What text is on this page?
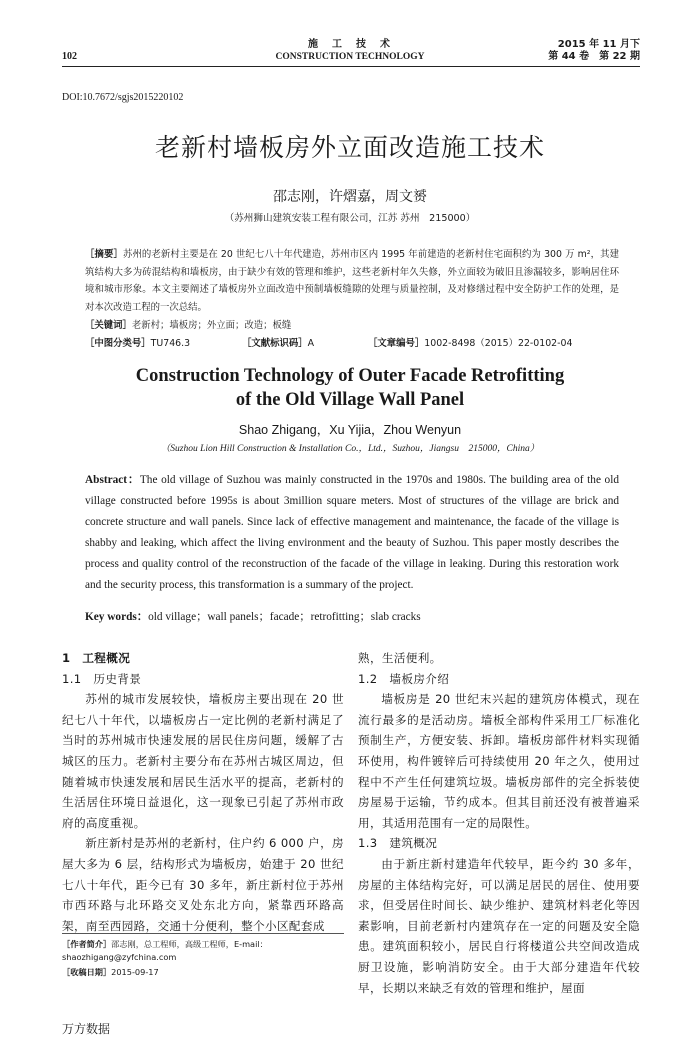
102
施　工　技　术
CONSTRUCTION TECHNOLOGY
2015 年 11 月下
第 44 卷　第 22 期
DOI:10.7672/sgjs2015220102
老新村墙板房外立面改造施工技术
邵志刚，许熠嘉，周文赟
（苏州狮山建筑安装工程有限公司，江苏 苏州　215000）
［摘要］苏州的老新村主要是在 20 世纪七八十年代建造，苏州市区内 1995 年前建造的老新村住宅面积约为 300 万 m²，其建筑结构大多为砖混结构和墙板房，由于缺少有效的管理和维护，这些老新村年久失修，外立面较为破旧且渗漏较多，影响居住环境和城市形象。本文主要阐述了墙板房外立面改造中预制墙板缝隙的处理与质量控制，及对修缮过程中安全防护工作的处理，是对本次改造工程的一次总结。
［关键词］老新村；墙板房；外立面；改造；板缝
［中图分类号］TU746.3	［文献标识码］A	［文章编号］1002-8498（2015）22-0102-04
Construction Technology of Outer Facade Retrofitting
of the Old Village Wall Panel
Shao Zhigang，Xu Yijia，Zhou Wenyun
（Suzhou Lion Hill Construction & Installation Co.，Ltd.，Suzhou，Jiangsu　215000，China）
Abstract：The old village of Suzhou was mainly constructed in the 1970s and 1980s. The building area of the old village constructed before 1995s is about 3million square meters. Most of structures of the village are brick and concrete structure and wall panels. Since lack of effective management and maintenance, the facade of the village is shabby and leaking, which affect the living environment and the beauty of Suzhou. This paper mostly describes the process and quality control of the reconstruction of the facade of the village in leaking. During this restoration work and the security process, this transformation is a summary of the project.
Key words：old village；wall panels；facade；retrofitting；slab cracks
1　工程概况
1.1　历史背景

苏州的城市发展较快，墙板房主要出现在 20 世纪七八十年代，以墙板房占一定比例的老新村满足了当时的苏州城市快速发展的居民住房问题，缓解了古城区的压力。老新村主要分布在苏州古城区周边，但随着城市快速发展和居民生活水平的提高，老新村的生活居住环境日益退化，这一现象已引起了苏州市政府的高度重视。

新庄新村是苏州的老新村，住户约 6 000 户，房屋大多为 6 层，结构形式为墙板房，始建于 20 世纪七八十年代，距今已有 30 多年，新庄新村位于苏州市西环路与北环路交叉处东北方向，紧靠西环路高架，南至西园路，交通十分便利，整个小区配套成

［作者简介］邵志刚，总工程师，高级工程师，E-mail：shaozhigang@zyfchina.com
［收稿日期］2015-09-17
熟，生活便利。
1.2　墙板房介绍

墙板房是 20 世纪末兴起的建筑房体模式，现在流行最多的是活动房。墙板全部构件采用工厂标准化预制生产，方便安装、拆卸。墙板房部件材料实现循环使用，构件镀锌后可持续使用 20 年之久，使用过程中不产生任何建筑垃圾。墙板房部件的完全拆装使房屋易于运输，节约成本。但其目前还没有被普遍采用，其适用范围有一定的局限性。

1.3　建筑概况

由于新庄新村建造年代较早，距今约 30 多年，房屋的主体结构完好，可以满足居民的居住、使用要求，但受居住时间长、缺少维护、建筑材料老化等因素影响，目前老新村内建筑存在一定的问题及安全隐患。建筑面积较小，居民自行将楼道公共空间改造成厨卫设施，影响消防安全。由于大部分建造年代较早，长期以来缺乏有效的管理和维护，屋面

万方数据
